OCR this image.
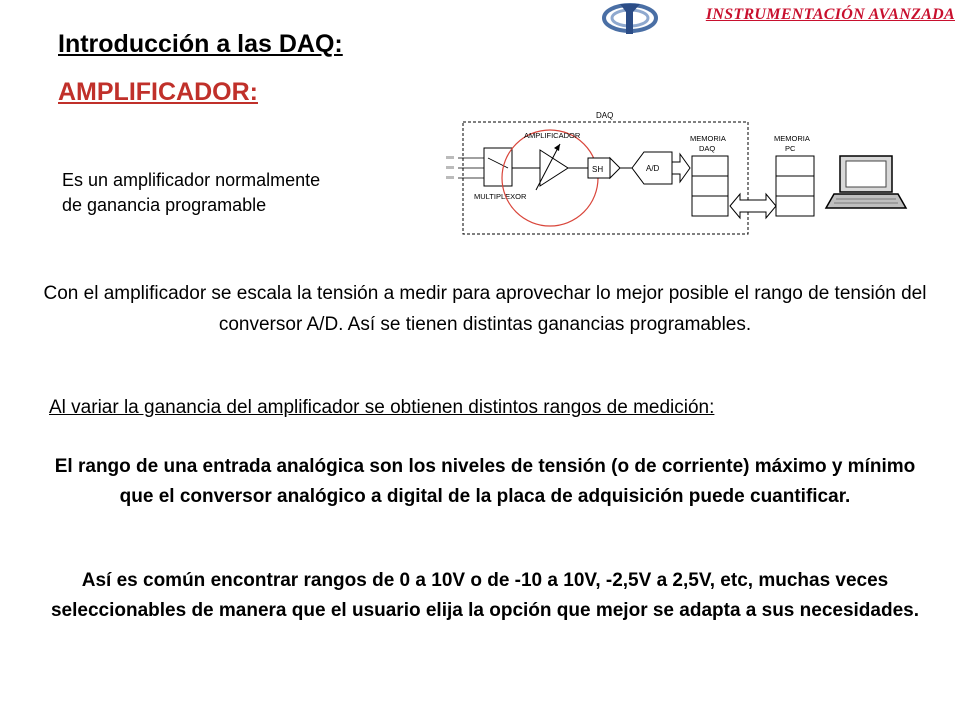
INSTRUMENTACIÓN AVANZADA
Introducción a las DAQ:
AMPLIFICADOR:
Es un amplificador normalmente
de ganancia programable
DAQ
MULTIPLEXOR
AMPLIFICADOR
SH	A/D
MEMORIA
DAQ
MEMORIA
PC
Con el amplificador se escala la tensión a medir para aprovechar lo mejor posible el rango de tensión del conversor A/D. Así se tienen distintas ganancias programables.
Al variar la ganancia del amplificador se obtienen distintos rangos de medición:
El rango de una entrada analógica son los niveles de tensión (o de corriente) máximo y mínimo que el conversor analógico a digital de la placa de adquisición puede cuantificar.
Así es común encontrar rangos de 0 a 10V o de -10 a 10V, -2,5V a 2,5V, etc, muchas veces seleccionables de manera que el usuario elija la opción que mejor se adapta a sus necesidades.
